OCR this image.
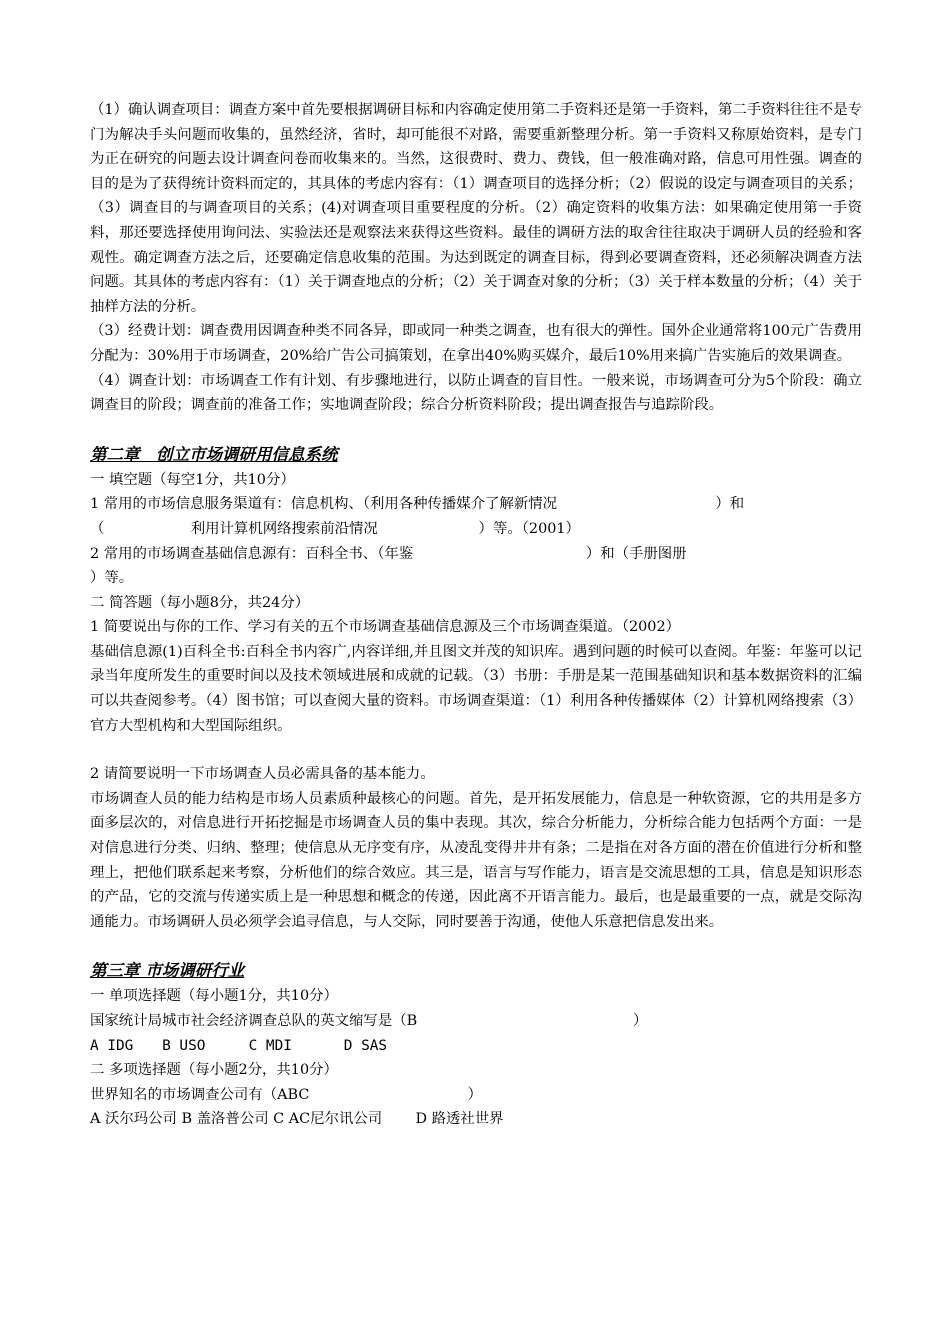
（1）确认调查项目：调查方案中首先要根据调研目标和内容确定使用第二手资料还是第一手资料，第二手资料往往不是专门为解决手头问题而收集的，虽然经济，省时，却可能很不对路，需要重新整理分析。第一手资料又称原始资料，是专门为正在研究的问题去设计调查问卷而收集来的。当然，这很费时、费力、费钱，但一般准确对路，信息可用性强。调查的目的是为了获得统计资料而定的，其具体的考虑内容有：（1）调查项目的选择分析；（2）假说的设定与调查项目的关系；（3）调查目的与调查项目的关系；(4)对调查项目重要程度的分析。（2）确定资料的收集方法：如果确定使用第一手资料，那还要选择使用询问法、实验法还是观察法来获得这些资料。最佳的调研方法的取舍往往取决于调研人员的经验和客观性。确定调查方法之后，还要确定信息收集的范围。为达到既定的调查目标，得到必要调查资料，还必须解决调查方法问题。其具体的考虑内容有：（1）关于调查地点的分析；（2）关于调查对象的分析；（3）关于样本数量的分析；（4）关于抽样方法的分析。

（3）经费计划：调查费用因调查种类不同各异，即或同一种类之调查，也有很大的弹性。国外企业通常将100元广告费用分配为：30%用于市场调查，20%给广告公司搞策划，在拿出40%购买媒介，最后10%用来搞广告实施后的效果调查。

（4）调查计划：市场调查工作有计划、有步骤地进行，以防止调查的盲目性。一般来说，市场调查可分为5个阶段：确立调查目的阶段；调查前的准备工作；实地调查阶段；综合分析资料阶段；提出调查报告与追踪阶段。

第二章　创立市场调研用信息系统

一 填空题（每空1分，共10分）

1 常用的市场信息服务渠道有：信息机构、（利用各种传播媒介了解新情况　　　　　　　　　　　）和

（　　　　　　利用计算机网络搜索前沿情况　　　　　　　）等。（2001）

2 常用的市场调查基础信息源有：百科全书、（年鉴　　　　　　　　　　　　）和（手册图册

）等。

二 简答题（每小题8分，共24分）

1 简要说出与你的工作、学习有关的五个市场调查基础信息源及三个市场调查渠道。（2002）

基础信息源(1)百科全书:百科全书内容广,内容详细,并且图文并茂的知识库。遇到问题的时候可以查阅。年鉴：年鉴可以记录当年度所发生的重要时间以及技术领域进展和成就的记载。（3）书册：手册是某一范围基础知识和基本数据资料的汇编可以共查阅参考。（4）图书馆；可以查阅大量的资料。市场调查渠道：（1）利用各种传播媒体（2）计算机网络搜索（3）官方大型机构和大型国际组织。

2 请简要说明一下市场调查人员必需具备的基本能力。

市场调查人员的能力结构是市场人员素质种最核心的问题。首先，是开拓发展能力，信息是一种软资源，它的共用是多方面多层次的，对信息进行开拓挖掘是市场调查人员的集中表现。其次，综合分析能力，分析综合能力包括两个方面：一是对信息进行分类、归纳、整理；使信息从无序变有序，从凌乱变得井井有条；二是指在对各方面的潜在价值进行分析和整理上，把他们联系起来考察，分析他们的综合效应。其三是，语言与写作能力，语言是交流思想的工具，信息是知识形态的产品，它的交流与传递实质上是一种思想和概念的传递，因此离不开语言能力。最后，也是最重要的一点，就是交际沟通能力。市场调研人员必须学会追寻信息，与人交际，同时要善于沟通，使他人乐意把信息发出来。

第三章 市场调研行业

一 单项选择题（每小题1分，共10分）

国家统计局城市社会经济调查总队的英文缩写是（B　　　　　　　　　　　　　　　）

A IDG　　B USO　　　C MDI　　　 D SAS

二 多项选择题（每小题2分，共10分）

世界知名的市场调查公司有（ABC　　　　　　　　　　　）

A 沃尔玛公司 B 盖洛普公司 C AC尼尔讯公司　　 D 路透社世界
